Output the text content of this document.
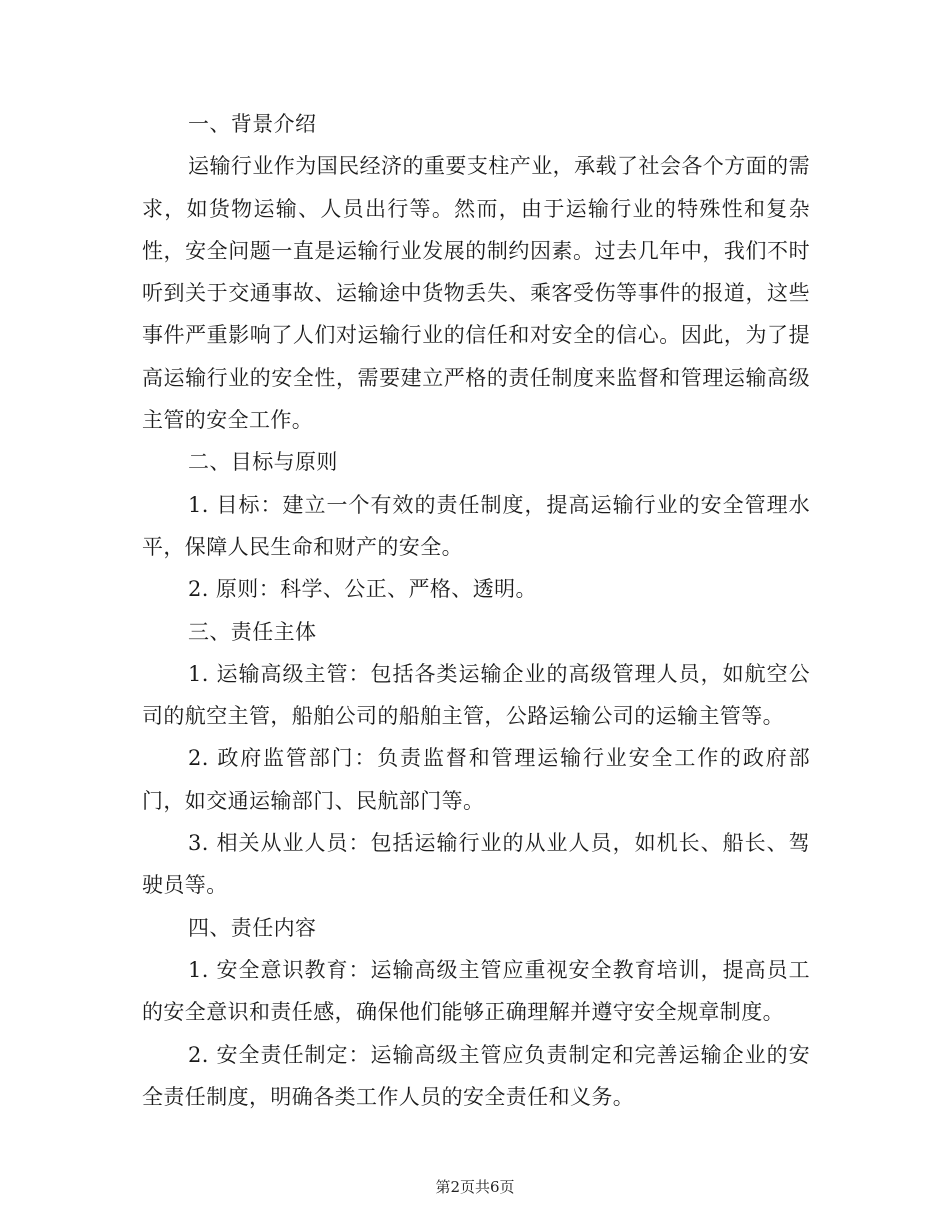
一、背景介绍

运输行业作为国民经济的重要支柱产业，承载了社会各个方面的需求，如货物运输、人员出行等。然而，由于运输行业的特殊性和复杂性，安全问题一直是运输行业发展的制约因素。过去几年中，我们不时听到关于交通事故、运输途中货物丢失、乘客受伤等事件的报道，这些事件严重影响了人们对运输行业的信任和对安全的信心。因此，为了提高运输行业的安全性，需要建立严格的责任制度来监督和管理运输高级主管的安全工作。

二、目标与原则

1. 目标：建立一个有效的责任制度，提高运输行业的安全管理水平，保障人民生命和财产的安全。

2. 原则：科学、公正、严格、透明。

三、责任主体

1. 运输高级主管：包括各类运输企业的高级管理人员，如航空公司的航空主管，船舶公司的船舶主管，公路运输公司的运输主管等。

2. 政府监管部门：负责监督和管理运输行业安全工作的政府部门，如交通运输部门、民航部门等。

3. 相关从业人员：包括运输行业的从业人员，如机长、船长、驾驶员等。

四、责任内容

1. 安全意识教育：运输高级主管应重视安全教育培训，提高员工的安全意识和责任感，确保他们能够正确理解并遵守安全规章制度。

2. 安全责任制定：运输高级主管应负责制定和完善运输企业的安全责任制度，明确各类工作人员的安全责任和义务。

第2页共6页
